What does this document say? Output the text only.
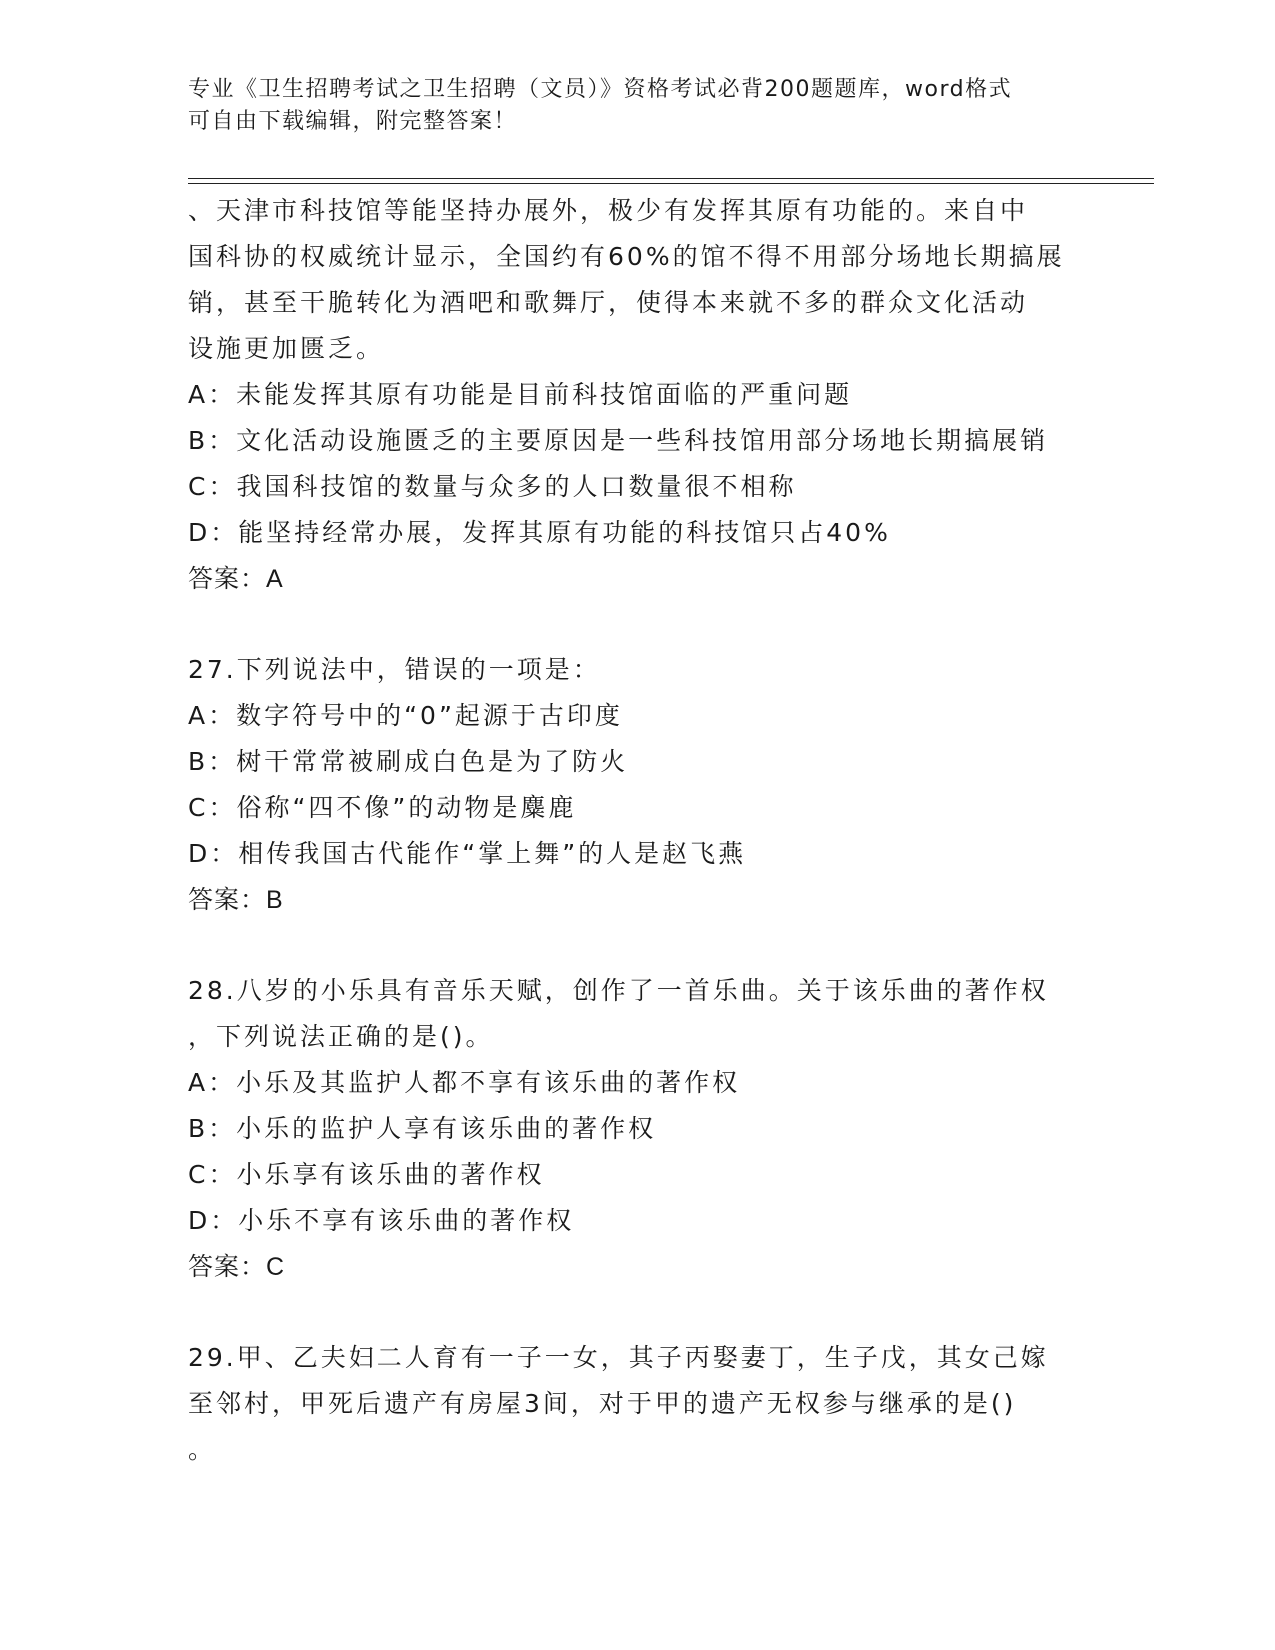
专业《卫生招聘考试之卫生招聘（文员）》资格考试必背200题题库，word格式
可自由下载编辑，附完整答案！
、天津市科技馆等能坚持办展外，极少有发挥其原有功能的。来自中
国科协的权威统计显示，全国约有60%的馆不得不用部分场地长期搞展
销，甚至干脆转化为酒吧和歌舞厅，使得本来就不多的群众文化活动
设施更加匮乏。
A：未能发挥其原有功能是目前科技馆面临的严重问题
B：文化活动设施匮乏的主要原因是一些科技馆用部分场地长期搞展销
C：我国科技馆的数量与众多的人口数量很不相称
D：能坚持经常办展，发挥其原有功能的科技馆只占40%
答案：A
27.下列说法中，错误的一项是：
A：数字符号中的“0”起源于古印度
B：树干常常被刷成白色是为了防火
C：俗称“四不像”的动物是麋鹿
D：相传我国古代能作“掌上舞”的人是赵飞燕
答案：B
28.八岁的小乐具有音乐天赋，创作了一首乐曲。关于该乐曲的著作权
，下列说法正确的是()。
A：小乐及其监护人都不享有该乐曲的著作权
B：小乐的监护人享有该乐曲的著作权
C：小乐享有该乐曲的著作权
D：小乐不享有该乐曲的著作权
答案：C
29.甲、乙夫妇二人育有一子一女，其子丙娶妻丁，生子戊，其女己嫁
至邻村，甲死后遗产有房屋3间，对于甲的遗产无权参与继承的是()
。
